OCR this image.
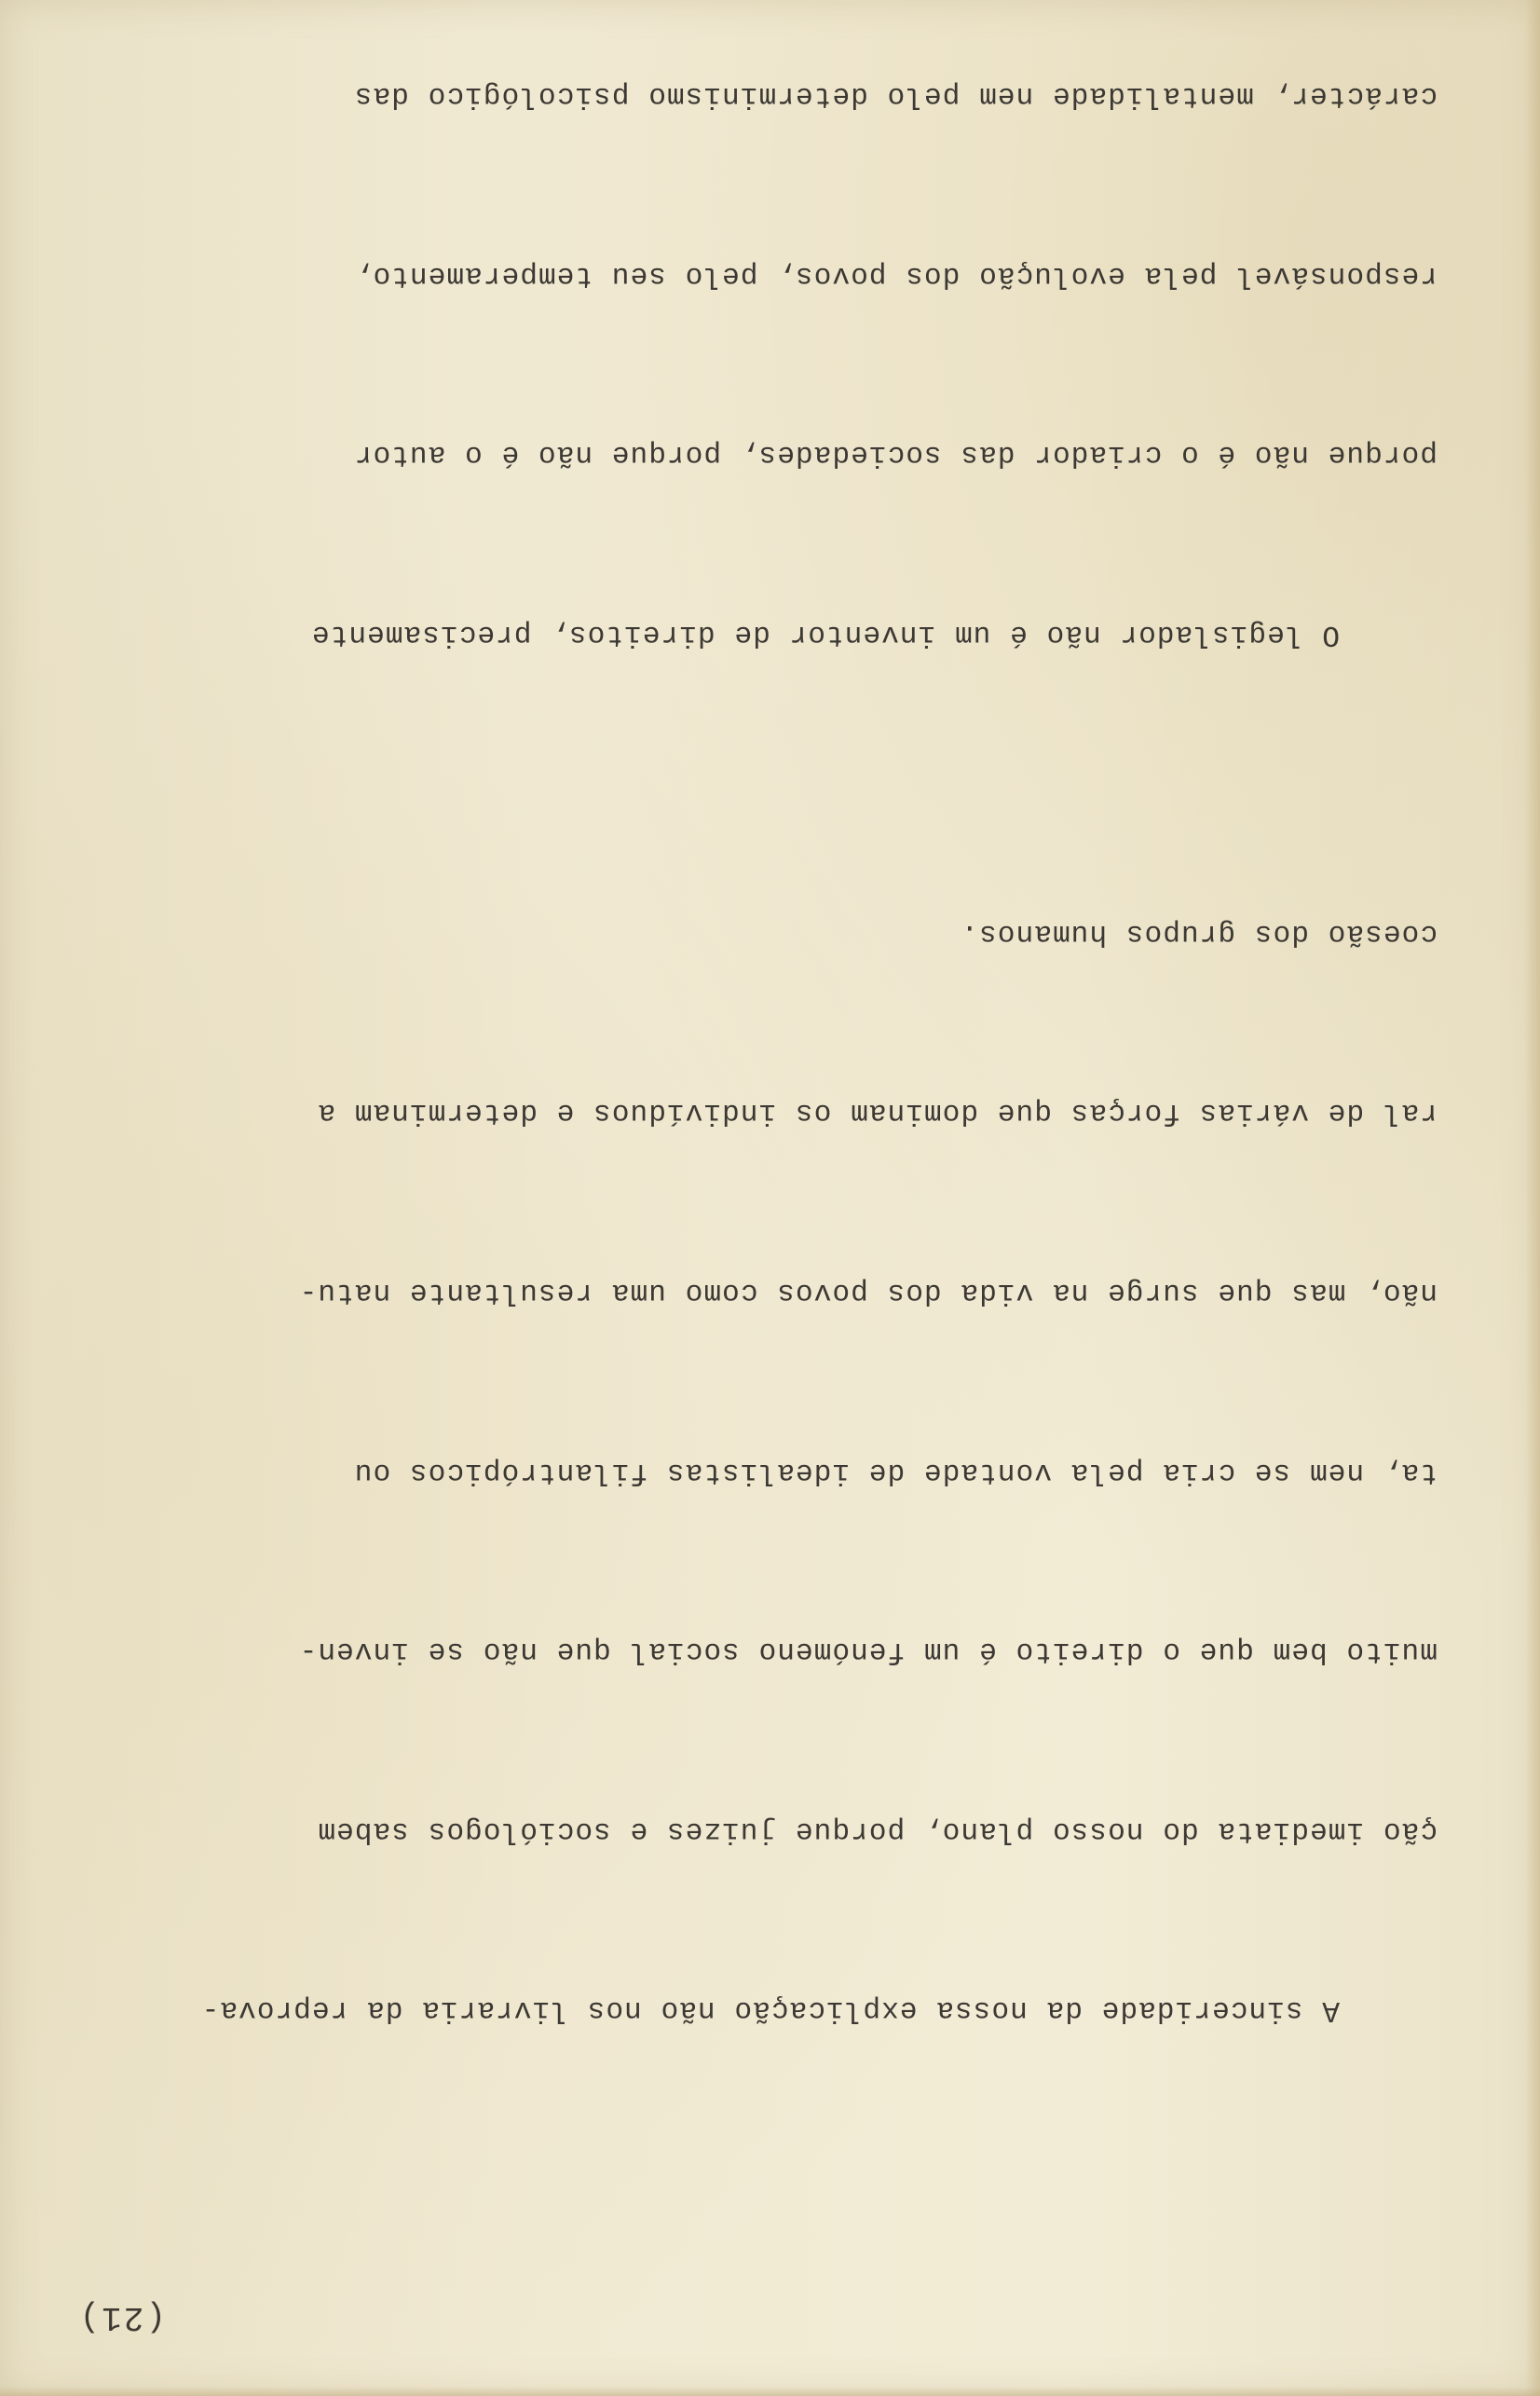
(21)

A sinceridade da nossa explicação não nos livraria da reprova-

ção imediata do nosso plano, porque juizes e sociólogos sabem

muito bem que o direito é um fenómeno social que não se inven-

ta, nem se cria pela vontade de idealistas filantrópicos ou

não, mas que surge na vida dos povos como uma resultante natu-

ral de várias forças que dominam os indivíduos e determinam a

coesão dos grupos humanos.

O legislador não é um inventor de direitos, precisamente

porque não é o criador das sociedades, porque não é o autor

responsável pela evolução dos povos, pelo seu temperamento,

carácter, mentalidade nem pelo determinismo psicológico das
